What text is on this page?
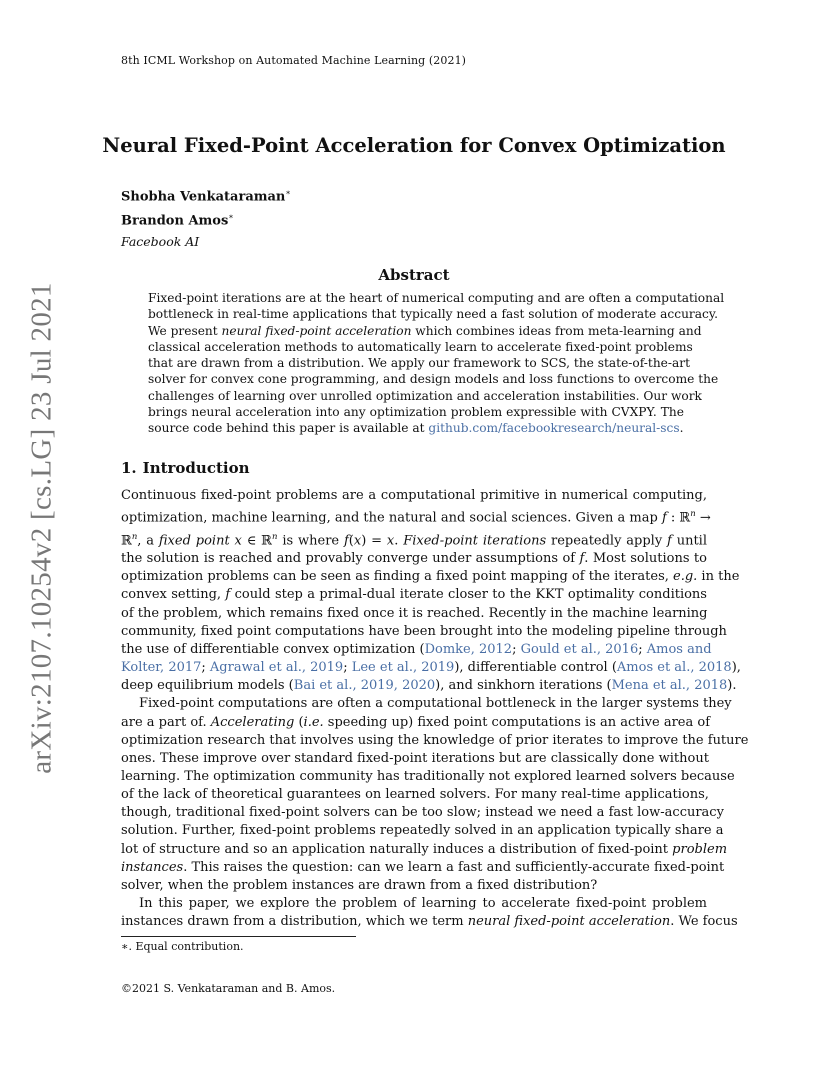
8th ICML Workshop on Automated Machine Learning (2021)
Neural Fixed-Point Acceleration for Convex Optimization
Shobha Venkataraman∗
Brandon Amos∗
Facebook AI
Abstract
Fixed-point iterations are at the heart of numerical computing and are often a computational
bottleneck in real-time applications that typically need a fast solution of moderate accuracy.
We present neural fixed-point acceleration which combines ideas from meta-learning and
classical acceleration methods to automatically learn to accelerate fixed-point problems
that are drawn from a distribution. We apply our framework to SCS, the state-of-the-art
solver for convex cone programming, and design models and loss functions to overcome the
challenges of learning over unrolled optimization and acceleration instabilities. Our work
brings neural acceleration into any optimization problem expressible with CVXPY. The
source code behind this paper is available at github.com/facebookresearch/neural-scs.
1. Introduction
Continuous fixed-point problems are a computational primitive in numerical computing,
optimization, machine learning, and the natural and social sciences. Given a map f : ℝ$^n$ →
ℝ$^n$, a fixed point x ∈ ℝ$^n$ is where f(x) = x. Fixed-point iterations repeatedly apply f until
the solution is reached and provably converge under assumptions of f. Most solutions to
optimization problems can be seen as finding a fixed point mapping of the iterates, e.g. in the
convex setting, f could step a primal-dual iterate closer to the KKT optimality conditions
of the problem, which remains fixed once it is reached. Recently in the machine learning
community, fixed point computations have been brought into the modeling pipeline through
the use of differentiable convex optimization (Domke, 2012; Gould et al., 2016; Amos and
Kolter, 2017; Agrawal et al., 2019; Lee et al., 2019), differentiable control (Amos et al., 2018),
deep equilibrium models (Bai et al., 2019, 2020), and sinkhorn iterations (Mena et al., 2018).
Fixed-point computations are often a computational bottleneck in the larger systems they
are a part of. Accelerating (i.e. speeding up) fixed point computations is an active area of
optimization research that involves using the knowledge of prior iterates to improve the future
ones. These improve over standard fixed-point iterations but are classically done without
learning. The optimization community has traditionally not explored learned solvers because
of the lack of theoretical guarantees on learned solvers. For many real-time applications,
though, traditional fixed-point solvers can be too slow; instead we need a fast low-accuracy
solution. Further, fixed-point problems repeatedly solved in an application typically share a
lot of structure and so an application naturally induces a distribution of fixed-point problem
instances. This raises the question: can we learn a fast and sufficiently-accurate fixed-point
solver, when the problem instances are drawn from a fixed distribution?
In this paper, we explore the problem of learning to accelerate fixed-point problem
instances drawn from a distribution, which we term neural fixed-point acceleration. We focus
∗. Equal contribution.
©2021 S. Venkataraman and B. Amos.
arXiv:2107.10254v2 [cs.LG] 23 Jul 2021
